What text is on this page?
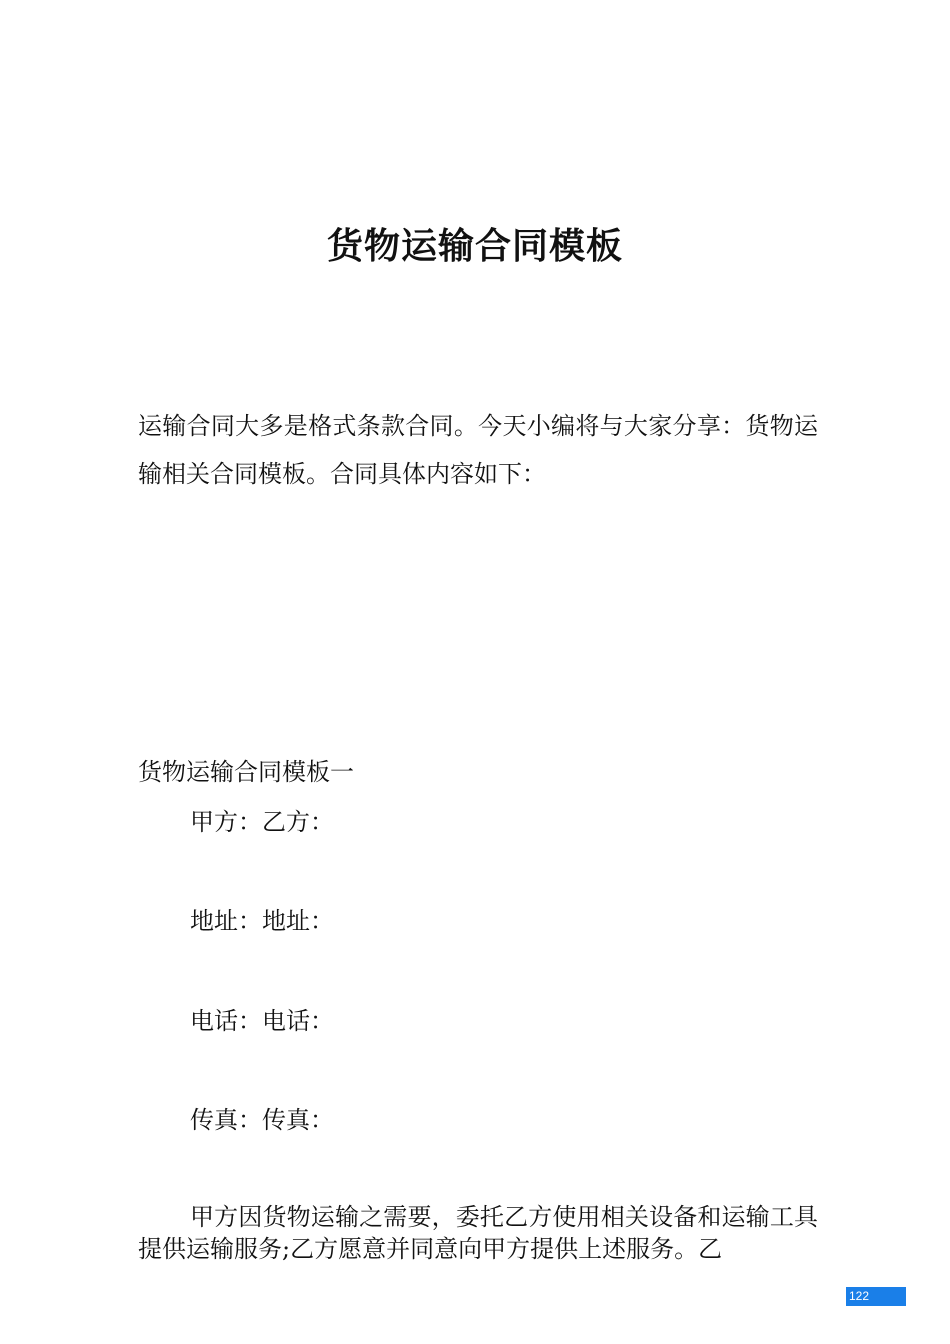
货物运输合同模板
运输合同大多是格式条款合同。今天小编将与大家分享：货物运输相关合同模板。合同具体内容如下：
货物运输合同模板一
甲方：乙方：
地址：地址：
电话：电话：
传真：传真：
甲方因货物运输之需要，委托乙方使用相关设备和运输工具提供运输服务;乙方愿意并同意向甲方提供上述服务。乙
122
